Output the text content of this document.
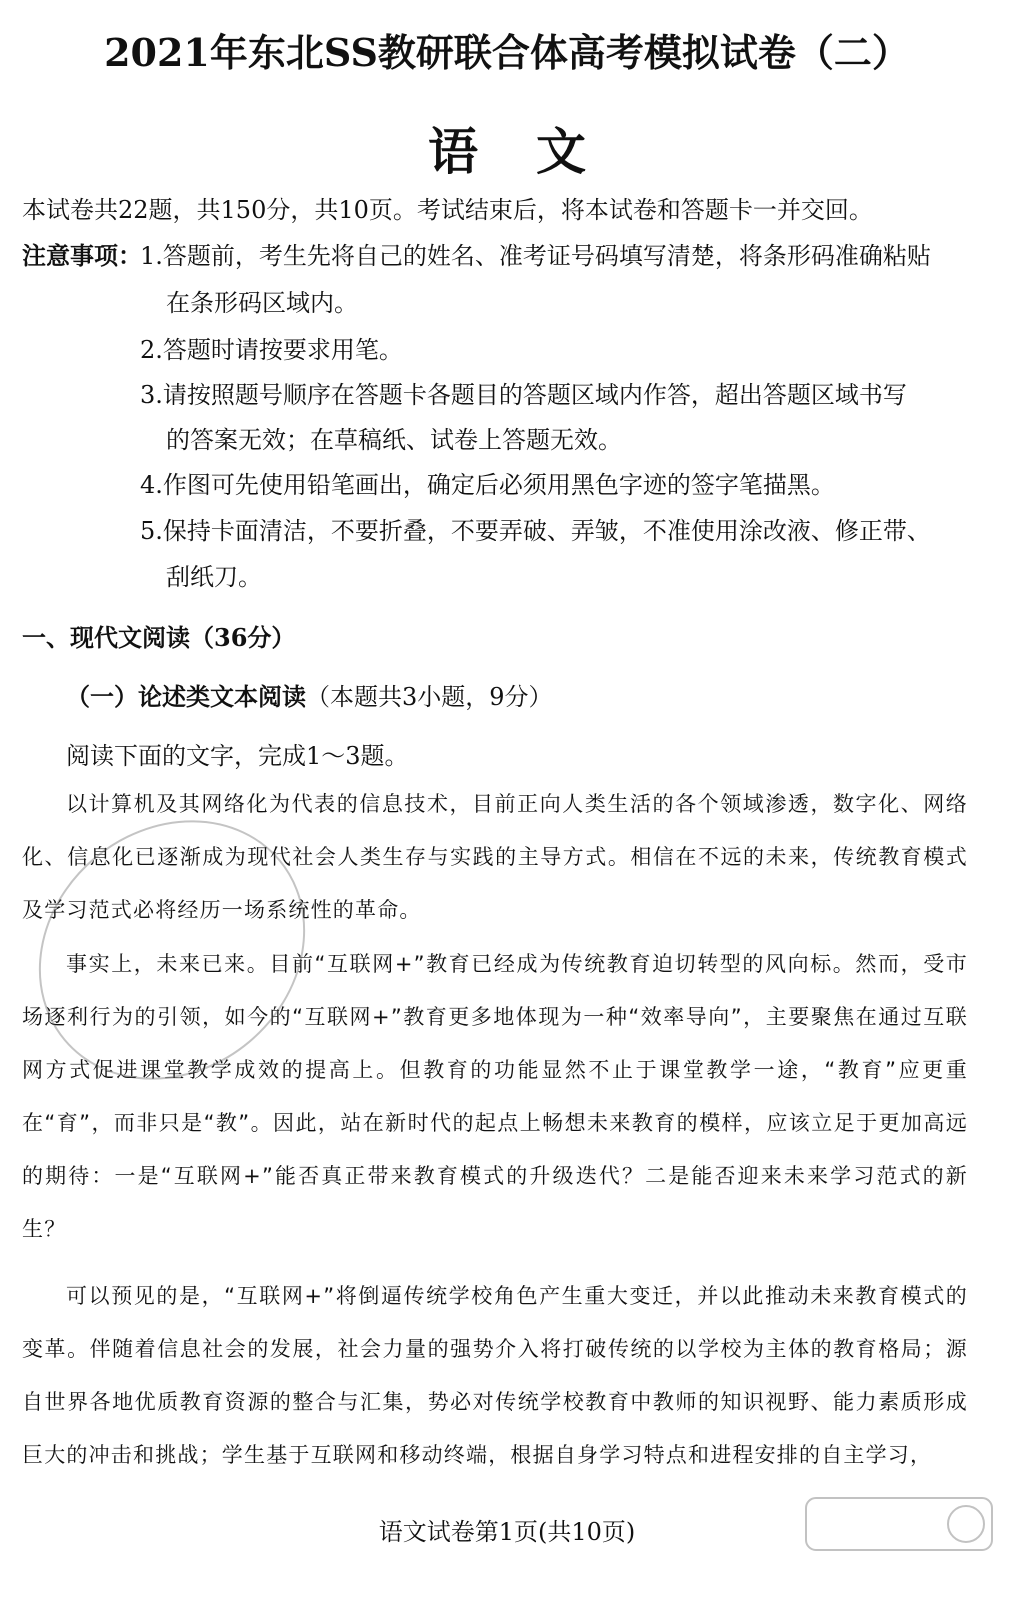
2021年东北SS教研联合体高考模拟试卷（二）
语文
本试卷共22题，共150分，共10页。考试结束后，将本试卷和答题卡一并交回。
注意事项：
1.答题前，考生先将自己的姓名、准考证号码填写清楚，将条形码准确粘贴
在条形码区域内。
2.答题时请按要求用笔。
3.请按照题号顺序在答题卡各题目的答题区域内作答，超出答题区域书写
的答案无效；在草稿纸、试卷上答题无效。
4.作图可先使用铅笔画出，确定后必须用黑色字迹的签字笔描黑。
5.保持卡面清洁，不要折叠，不要弄破、弄皱，不准使用涂改液、修正带、
刮纸刀。
一、现代文阅读（36分）
（一）论述类文本阅读（本题共3小题，9分）
阅读下面的文字，完成1～3题。
以计算机及其网络化为代表的信息技术，目前正向人类生活的各个领域渗透，数字化、网络化、信息化已逐渐成为现代社会人类生存与实践的主导方式。相信在不远的未来，传统教育模式及学习范式必将经历一场系统性的革命。
事实上，未来已来。目前“互联网+”教育已经成为传统教育迫切转型的风向标。然而，受市场逐利行为的引领，如今的“互联网+”教育更多地体现为一种“效率导向”，主要聚焦在通过互联网方式促进课堂教学成效的提高上。但教育的功能显然不止于课堂教学一途，“教育”应更重在“育”，而非只是“教”。因此，站在新时代的起点上畅想未来教育的模样，应该立足于更加高远的期待：一是“互联网+”能否真正带来教育模式的升级迭代？二是能否迎来未来学习范式的新生？
可以预见的是，“互联网+”将倒逼传统学校角色产生重大变迁，并以此推动未来教育模式的变革。伴随着信息社会的发展，社会力量的强势介入将打破传统的以学校为主体的教育格局；源自世界各地优质教育资源的整合与汇集，势必对传统学校教育中教师的知识视野、能力素质形成巨大的冲击和挑战；学生基于互联网和移动终端，根据自身学习特点和进程安排的自主学习，
语文试卷第1页(共10页)
